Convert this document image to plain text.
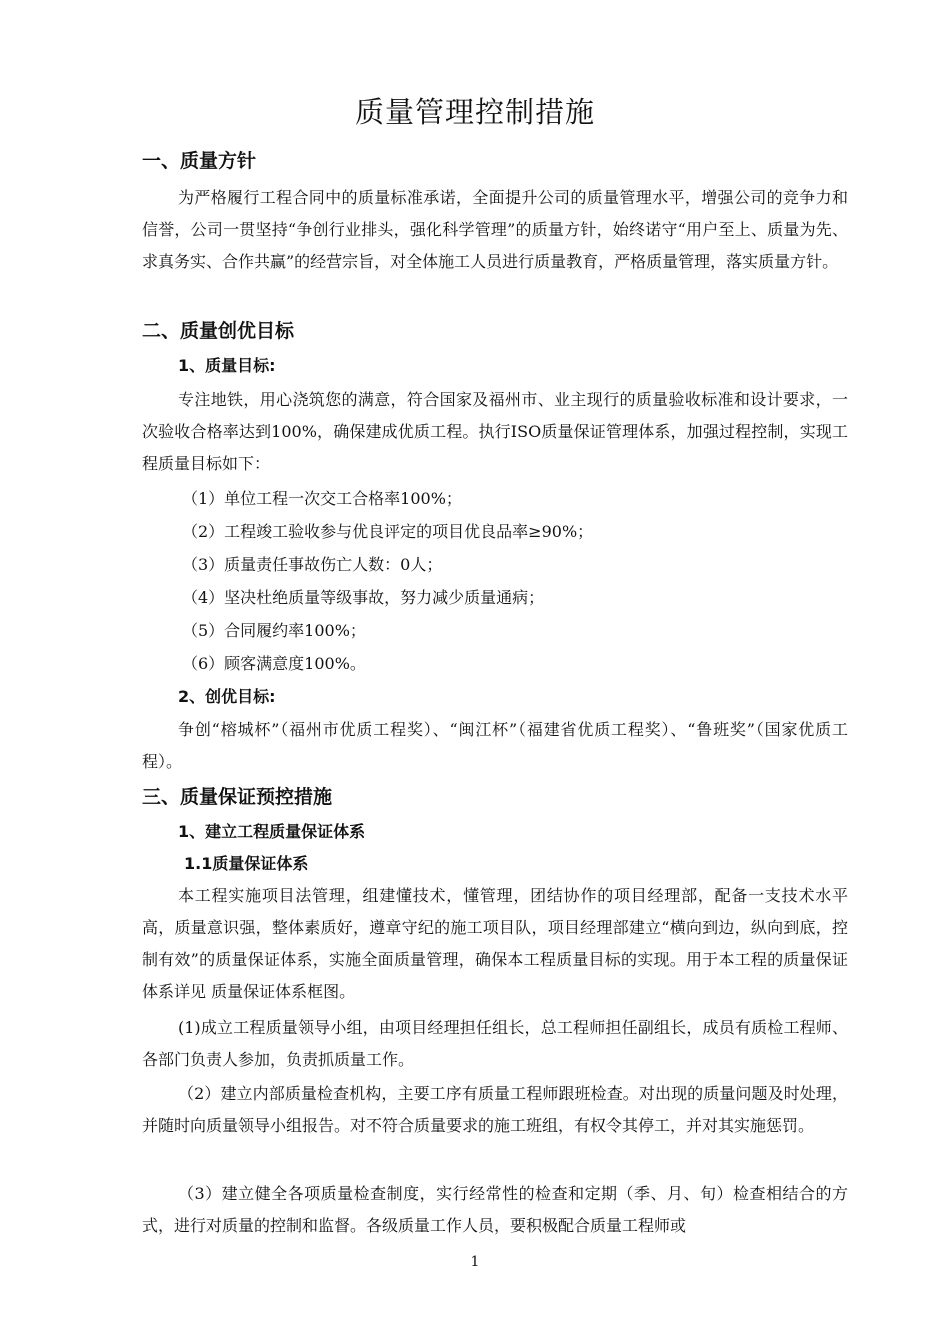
质量管理控制措施
一、质量方针

为严格履行工程合同中的质量标准承诺，全面提升公司的质量管理水平，增强公司的竞争力和信誉，公司一贯坚持“争创行业排头，强化科学管理”的质量方针，始终诺守“用户至上、质量为先、求真务实、合作共赢”的经营宗旨，对全体施工人员进行质量教育，严格质量管理，落实质量方针。

二、质量创优目标
1、质量目标:

专注地铁，用心浇筑您的满意，符合国家及福州市、业主现行的质量验收标准和设计要求，一次验收合格率达到100%，确保建成优质工程。执行ISO质量保证管理体系，加强过程控制，实现工程质量目标如下：

（1）单位工程一次交工合格率100%；
（2）工程竣工验收参与优良评定的项目优良品率≥90%；
（3）质量责任事故伤亡人数：0人；
（4）坚决杜绝质量等级事故，努力减少质量通病；
（5）合同履约率100%；
（6）顾客满意度100%。
2、创优目标:

争创“榕城杯”（福州市优质工程奖）、“闽江杯”（福建省优质工程奖）、“鲁班奖”（国家优质工程）。

三、质量保证预控措施
1、建立工程质量保证体系
1.1质量保证体系

本工程实施项目法管理，组建懂技术，懂管理，团结协作的项目经理部，配备一支技术水平高，质量意识强，整体素质好，遵章守纪的施工项目队，项目经理部建立“横向到边，纵向到底，控制有效”的质量保证体系，实施全面质量管理，确保本工程质量目标的实现。用于本工程的质量保证体系详见 质量保证体系框图。

(1)成立工程质量领导小组，由项目经理担任组长，总工程师担任副组长，成员有质检工程师、各部门负责人参加，负责抓质量工作。

（2）建立内部质量检查机构，主要工序有质量工程师跟班检查。对出现的质量问题及时处理，并随时向质量领导小组报告。对不符合质量要求的施工班组，有权令其停工，并对其实施惩罚。

（3）建立健全各项质量检查制度，实行经常性的检查和定期（季、月、旬）检查相结合的方式，进行对质量的控制和监督。各级质量工作人员，要积极配合质量工程师或

1
